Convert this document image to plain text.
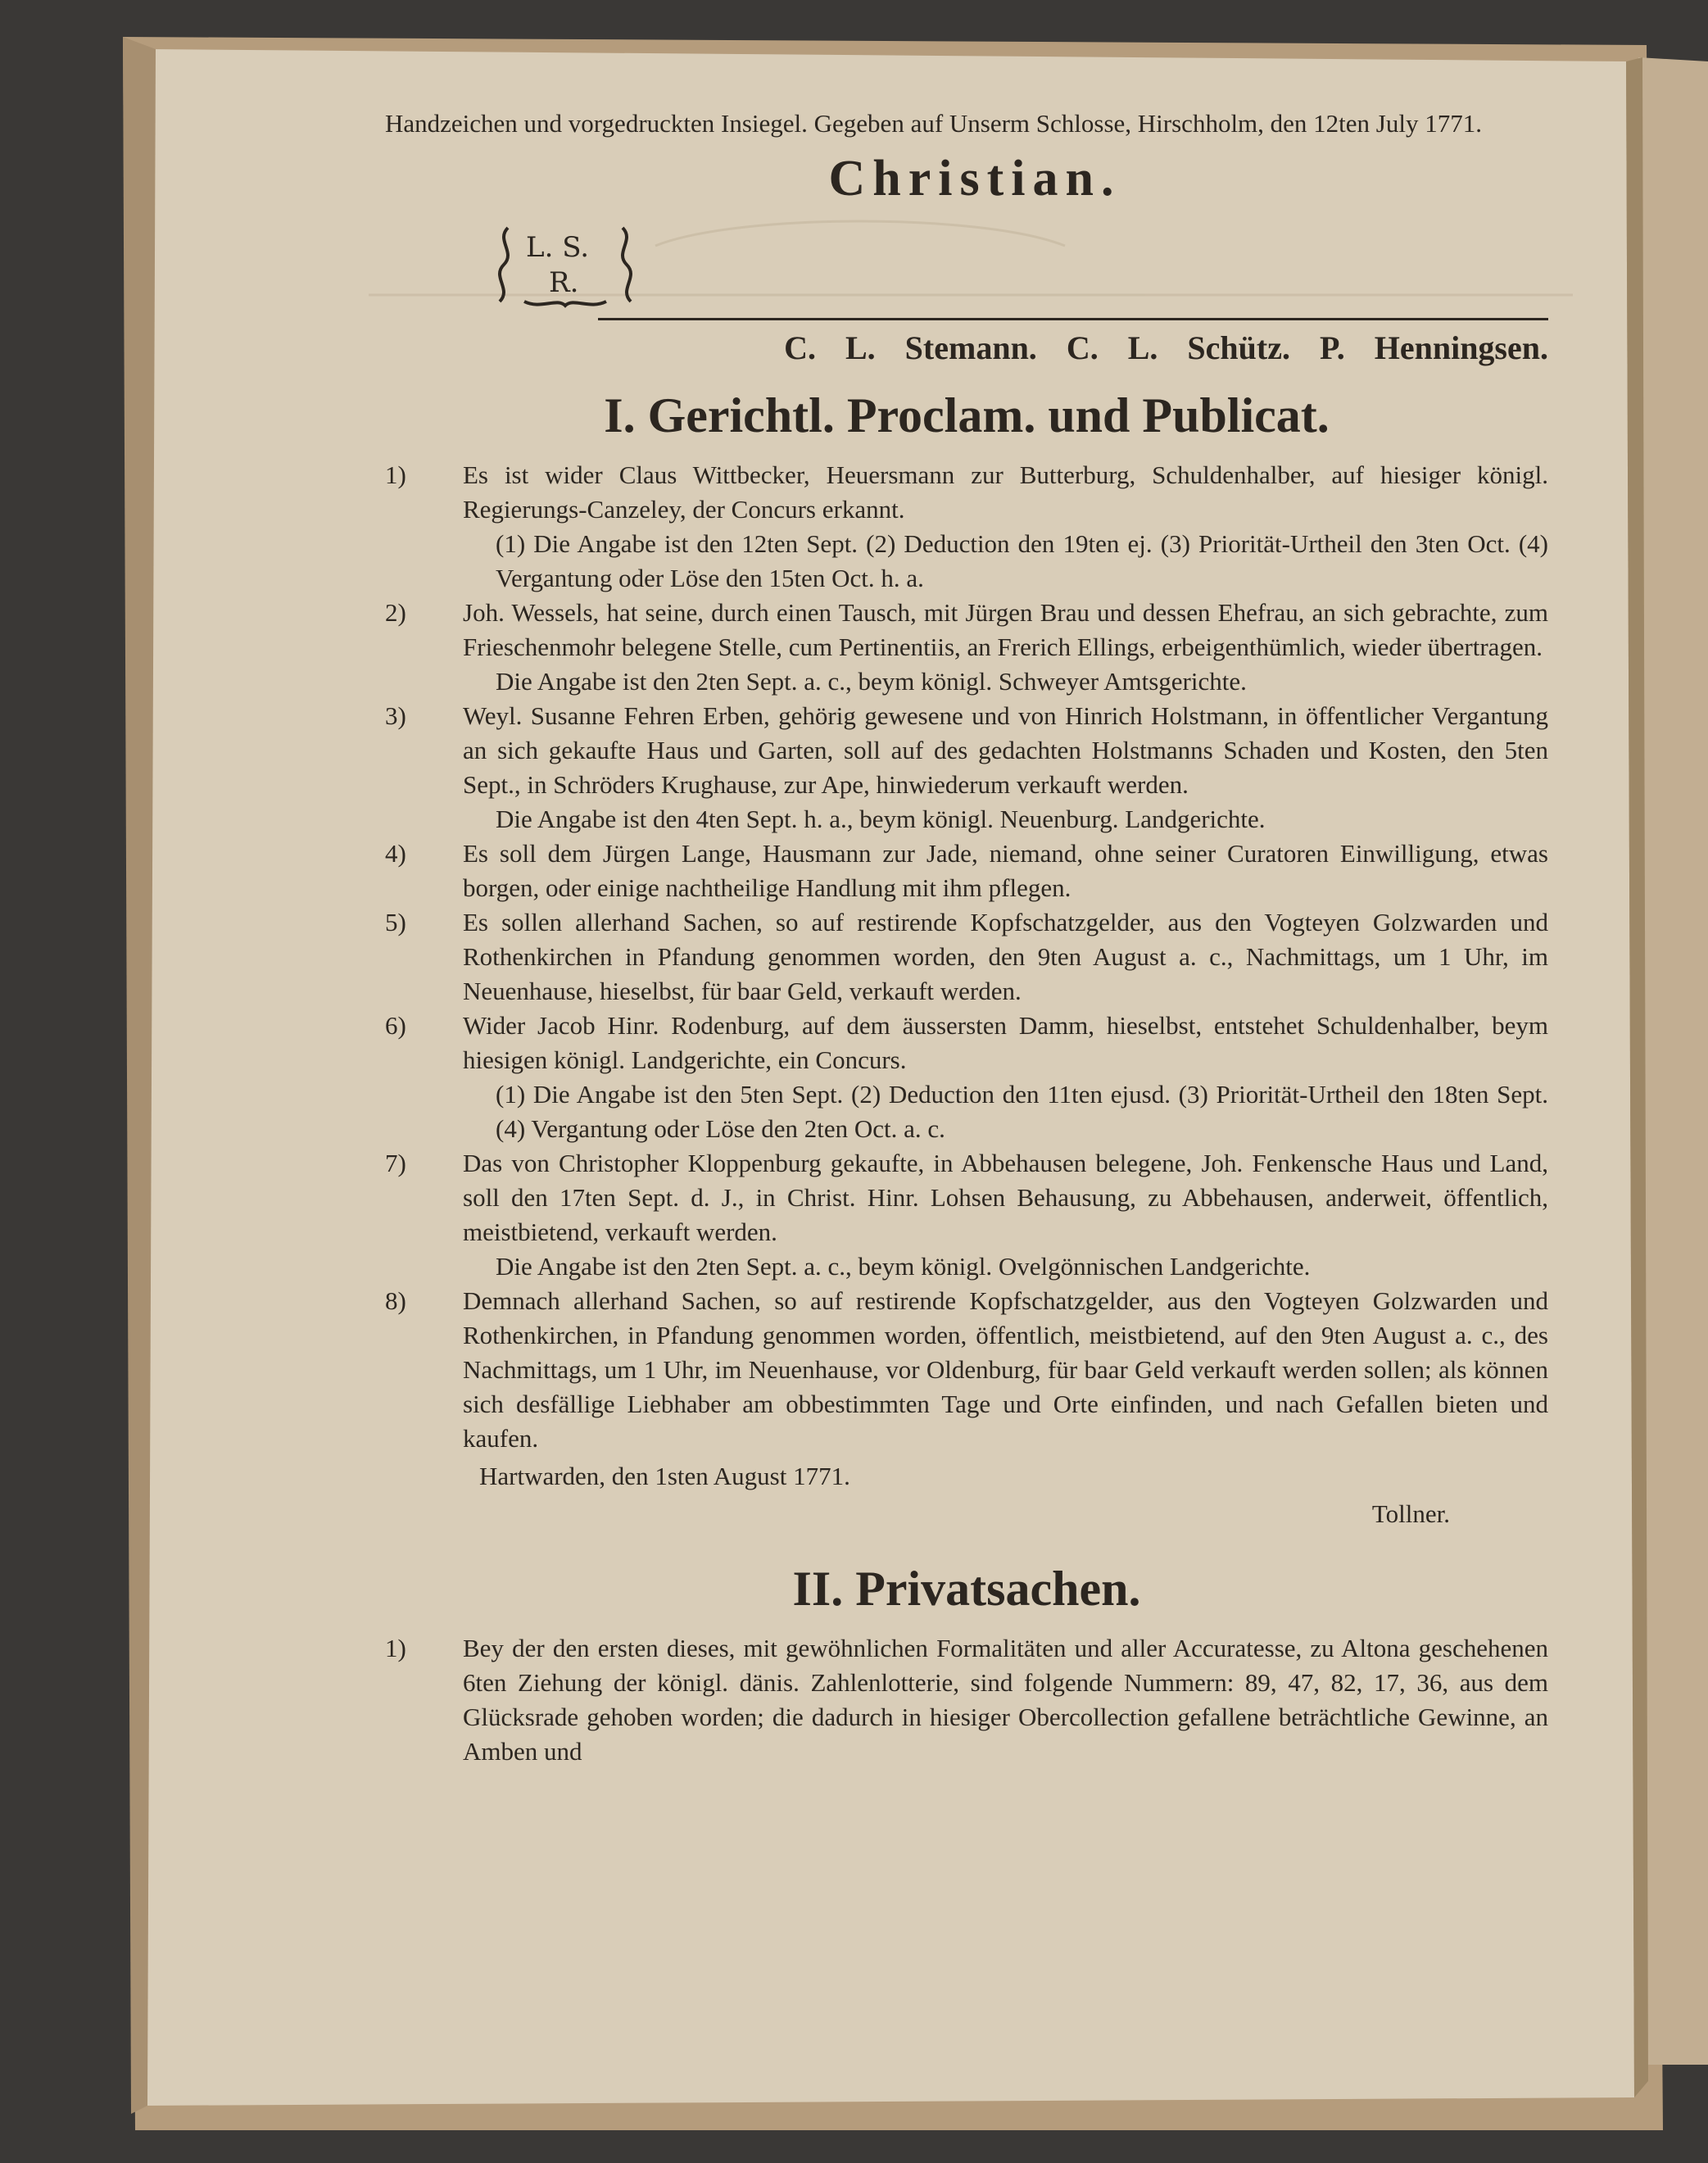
Handzeichen und vorgedruckten Insiegel. Gegeben auf Unserm Schlosse, Hirschholm, den 12ten July 1771.

Christian.
L. S.
R.
C. L. Stemann. C. L. Schütz. P. Henningsen.
I. Gerichtl. Proclam. und Publicat.
1) Es ist wider Claus Wittbecker, Heuersmann zur Butterburg, Schuldenhalber, auf hiesiger königl. Regierungs-Canzeley, der Concurs erkannt.

(1) Die Angabe ist den 12ten Sept. (2) Deduction den 19ten ej. (3) Priorität-Urtheil den 3ten Oct. (4) Vergantung oder Löse den 15ten Oct. h. a.

2) Joh. Wessels, hat seine, durch einen Tausch, mit Jürgen Brau und dessen Ehefrau, an sich gebrachte, zum Frieschenmohr belegene Stelle, cum Pertinentiis, an Frerich Ellings, erbeigenthümlich, wieder übertragen.

Die Angabe ist den 2ten Sept. a. c., beym königl. Schweyer Amtsgerichte.

3) Weyl. Susanne Fehren Erben, gehörig gewesene und von Hinrich Holstmann, in öffentlicher Vergantung an sich gekaufte Haus und Garten, soll auf des gedachten Holstmanns Schaden und Kosten, den 5ten Sept., in Schröders Krughause, zur Ape, hinwiederum verkauft werden.

Die Angabe ist den 4ten Sept. h. a., beym königl. Neuenburg. Landgerichte.

4) Es soll dem Jürgen Lange, Hausmann zur Jade, niemand, ohne seiner Curatoren Einwilligung, etwas borgen, oder einige nachtheilige Handlung mit ihm pflegen.

5) Es sollen allerhand Sachen, so auf restirende Kopfschatzgelder, aus den Vogteyen Golzwarden und Rothenkirchen in Pfandung genommen worden, den 9ten August a. c., Nachmittags, um 1 Uhr, im Neuenhause, hieselbst, für baar Geld, verkauft werden.

6) Wider Jacob Hinr. Rodenburg, auf dem äussersten Damm, hieselbst, entstehet Schuldenhalber, beym hiesigen königl. Landgerichte, ein Concurs.

(1) Die Angabe ist den 5ten Sept. (2) Deduction den 11ten ejusd. (3) Priorität-Urtheil den 18ten Sept. (4) Vergantung oder Löse den 2ten Oct. a. c.

7) Das von Christopher Kloppenburg gekaufte, in Abbehausen belegene, Joh. Fenkensche Haus und Land, soll den 17ten Sept. d. J., in Christ. Hinr. Lohsen Behausung, zu Abbehausen, anderweit, öffentlich, meistbietend, verkauft werden.

Die Angabe ist den 2ten Sept. a. c., beym königl. Ovelgönnischen Landgerichte.

8) Demnach allerhand Sachen, so auf restirende Kopfschatzgelder, aus den Vogteyen Golzwarden und Rothenkirchen, in Pfandung genommen worden, öffentlich, meistbietend, auf den 9ten August a. c., des Nachmittags, um 1 Uhr, im Neuenhause, vor Oldenburg, für baar Geld verkauft werden sollen; als können sich desfällige Liebhaber am obbestimmten Tage und Orte einfinden, und nach Gefallen bieten und kaufen.

Hartwarden, den 1sten August 1771.

Tollner.

II. Privatsachen.
1) Bey der den ersten dieses, mit gewöhnlichen Formalitäten und aller Accuratesse, zu Altona geschehenen 6ten Ziehung der königl. dänis. Zahlenlotterie, sind folgende Nummern: 89, 47, 82, 17, 36, aus dem Glücksrade gehoben worden; die dadurch in hiesiger Obercollection gefallene beträchtliche Gewinne, an Amben und
